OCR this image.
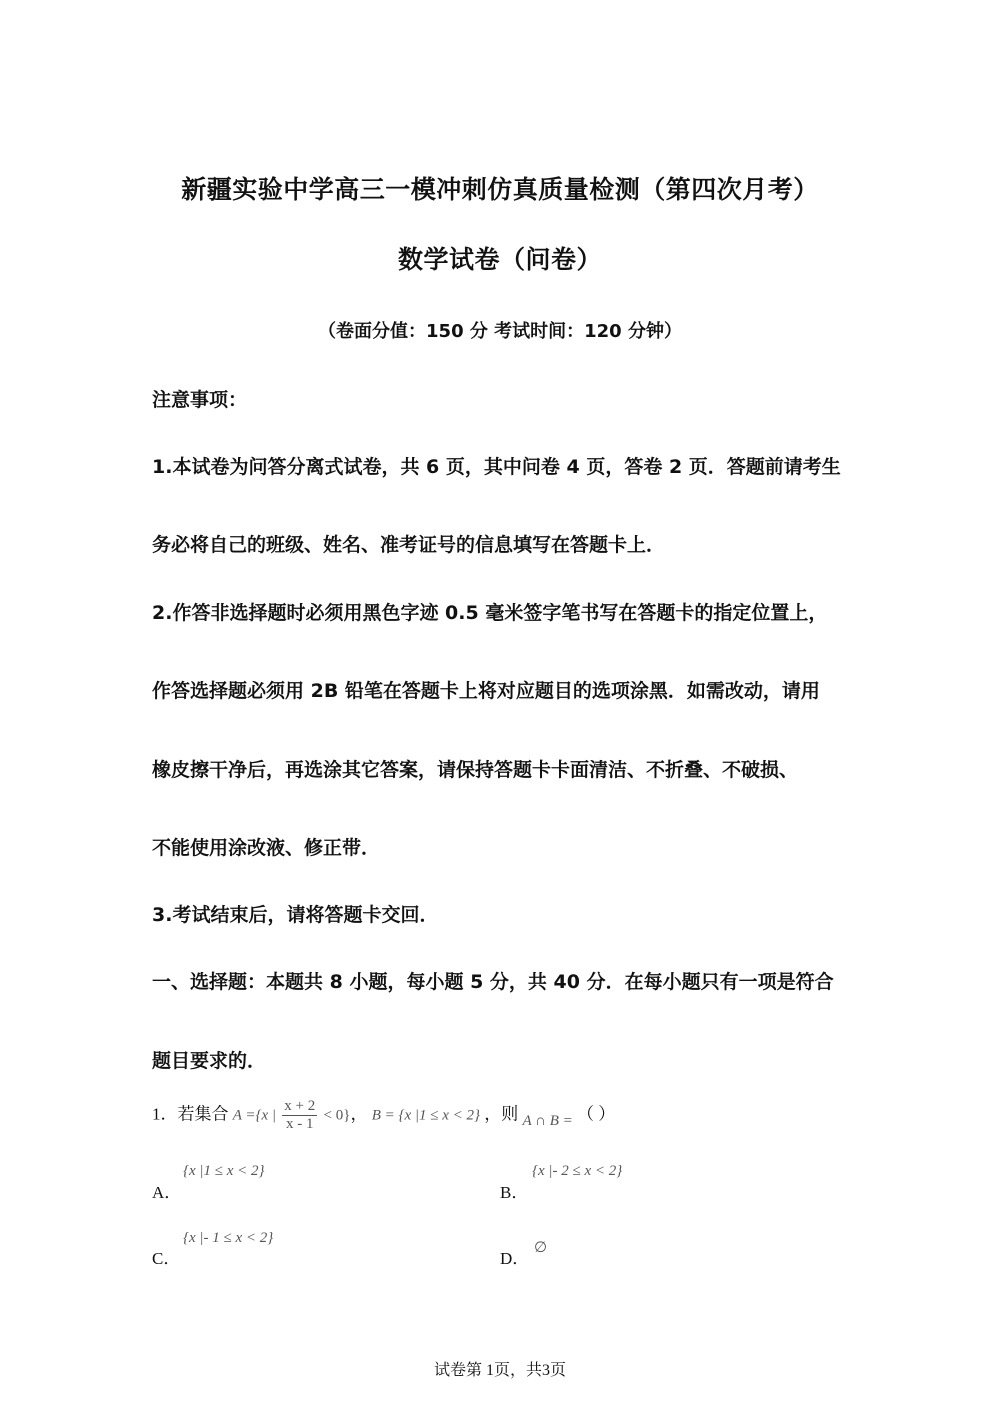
新疆实验中学高三一模冲刺仿真质量检测（第四次月考）
数学试卷（问卷）
（卷面分值：150 分 考试时间：120 分钟）
注意事项：
1.本试卷为问答分离式试卷，共 6 页，其中问卷 4 页，答卷 2 页．答题前请考生
务必将自己的班级、姓名、准考证号的信息填写在答题卡上．
2.作答非选择题时必须用黑色字迹 0.5 毫米签字笔书写在答题卡的指定位置上，
作答选择题必须用 2B 铅笔在答题卡上将对应题目的选项涂黑．如需改动，请用
橡皮擦干净后，再选涂其它答案，请保持答题卡卡面清洁、不折叠、不破损、
不能使用涂改液、修正带．
3.考试结束后，请将答题卡交回．
一、选择题：本题共 8 小题，每小题 5 分，共 40 分．在每小题只有一项是符合
题目要求的．
1．若集合 A ={x | $\frac{x + 2}{x - 1} < 0$}， B = {x |1 ≤ x < 2} ，则 A ∩ B = （ ）
A．
{x |1 ≤ x < 2}
B．
{x |- 2 ≤ x < 2}
C．
{x |- 1 ≤ x < 2}
D．
∅
试卷第 1页，共3页
